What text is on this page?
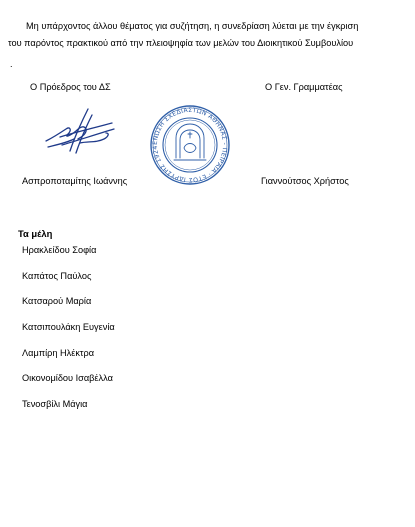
Μη υπάρχοντος άλλου θέματος για συζήτηση, η συνεδρίαση λύεται με την έγκριση
του παρόντος πρακτικού από την πλειοψηφία των μελών του Διοικητικού Συμβουλίου
.
Ο Πρόεδρος του ΔΣ	Ο Γεν. Γραμματέας
ΕΝΩΣΗ ΣΧΕΔΙΑΣΤΩΝ ΑΘΗΝΑΣ - ΠΕΙΡΑΙΑ · ΕΤΟΣ ΙΔΡΥΣΗΣ 1924
Ασπροποταμίτης Ιωάννης	Γιαννούτσος Χρήστος
Τα μέλη
Ηρακλείδου Σοφία
Καπάτος Παύλος
Κατσαρού Μαρία
Κατσιπουλάκη Ευγενία
Λαμπίρη Ηλέκτρα
Οικονομίδου Ισαβέλλα
Τενοσβίλι Μάγια
